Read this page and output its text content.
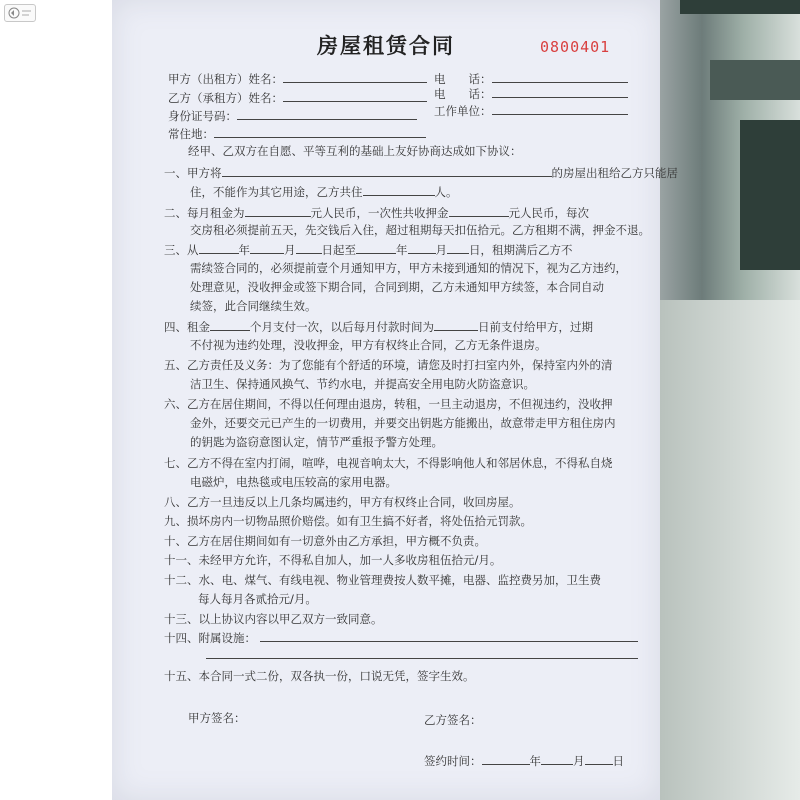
房屋租赁合同	0800401
甲方（出租方）姓名：	电　　话：
乙方（承租方）姓名：	电　　话：
身份证号码：	工作单位：
常住地：
经甲、乙双方在自愿、平等互利的基础上友好协商达成如下协议：
一、甲方将	的房屋出租给乙方只能居
住，不能作为其它用途，乙方共住	人。
二、每月租金为	元人民币，一次性共收押金	元人民币，每次
交房租必须提前五天，先交钱后入住，超过租期每天扣伍拾元。乙方租期不满，押金不退。
三、从	年	月 日起至	年 月 日，租期满后乙方不
需续签合同的，必须提前壹个月通知甲方，甲方未接到通知的情况下，视为乙方违约，
处理意见，没收押金或签下期合同，合同到期，乙方未通知甲方续签，本合同自动
续签，此合同继续生效。
四、租金	个月支付一次，以后每月付款时间为	日前支付给甲方，过期
不付视为违约处理，没收押金，甲方有权终止合同，乙方无条件退房。
五、乙方责任及义务：为了您能有个舒适的环境，请您及时打扫室内外，保持室内外的清
洁卫生、保持通风换气、节约水电，并提高安全用电防火防盗意识。
六、乙方在居住期间，不得以任何理由退房，转租，一旦主动退房，不但视违约，没收押
金外，还要交元已产生的一切费用，并要交出钥匙方能搬出，故意带走甲方租住房内
的钥匙为盗窃意图认定，情节严重报予警方处理。
七、乙方不得在室内打闹，喧哗，电视音响太大，不得影响他人和邻居休息，不得私自烧
电磁炉，电热毯或电压较高的家用电器。
八、乙方一旦违反以上几条均属违约，甲方有权终止合同，收回房屋。
九、损坏房内一切物品照价赔偿。如有卫生搞不好者，将处伍拾元罚款。
十、乙方在居住期间如有一切意外由乙方承担，甲方概不负责。
十一、未经甲方允许，不得私自加人，加一人多收房租伍拾元/月。
十二、水、电、煤气、有线电视、物业管理费按人数平摊，电器、监控费另加，卫生费
每人每月各贰拾元/月。
十三、以上协议内容以甲乙双方一致同意。
十四、附属设施：
十五、本合同一式二份，双各执一份，口说无凭，签字生效。
甲方签名：	乙方签名：
签约时间：	年	月 日
